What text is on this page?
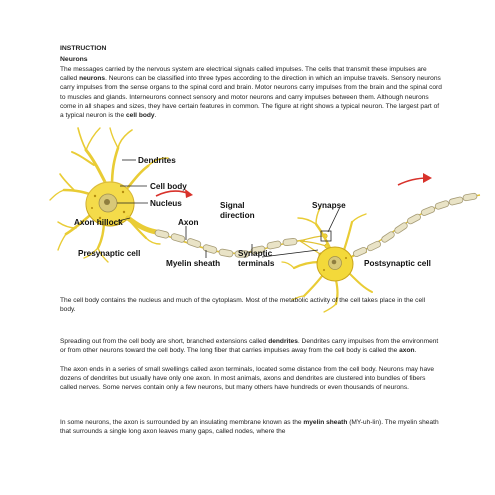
INSTRUCTION
Neurons
The messages carried by the nervous system are electrical signals called impulses. The cells that transmit these impulses are called neurons. Neurons can be classified into three types according to the direction in which an impulse travels. Sensory neurons carry impulses from the sense organs to the spinal cord and brain. Motor neurons carry impulses from the brain and the spinal cord to muscles and glands. Interneurons connect sensory and motor neurons and carry impulses between them. Although neurons come in all shapes and sizes, they have certain features in common. The figure at right shows a typical neuron. The largest part of a typical neuron is the cell body.
Dendrites
Cell body
Nucleus
Axon hillock	Axon
Signal
direction
Synapse
Presynaptic cell
Myelin sheath
Synaptic
terminals	Postsynaptic cell
The cell body contains the nucleus and much of the cytoplasm. Most of the metabolic activity of the cell takes place in the cell body.
Spreading out from the cell body are short, branched extensions called dendrites. Dendrites carry impulses from the environment or from other neurons toward the cell body. The long fiber that carries impulses away from the cell body is called the axon.
The axon ends in a series of small swellings called axon terminals, located some distance from the cell body. Neurons may have dozens of dendrites but usually have only one axon. In most animals, axons and dendrites are clustered into bundles of fibers called nerves. Some nerves contain only a few neurons, but many others have hundreds or even thousands of neurons.
In some neurons, the axon is surrounded by an insulating membrane known as the myelin sheath (MY-uh-lin). The myelin sheath that surrounds a single long axon leaves many gaps, called nodes, where the
